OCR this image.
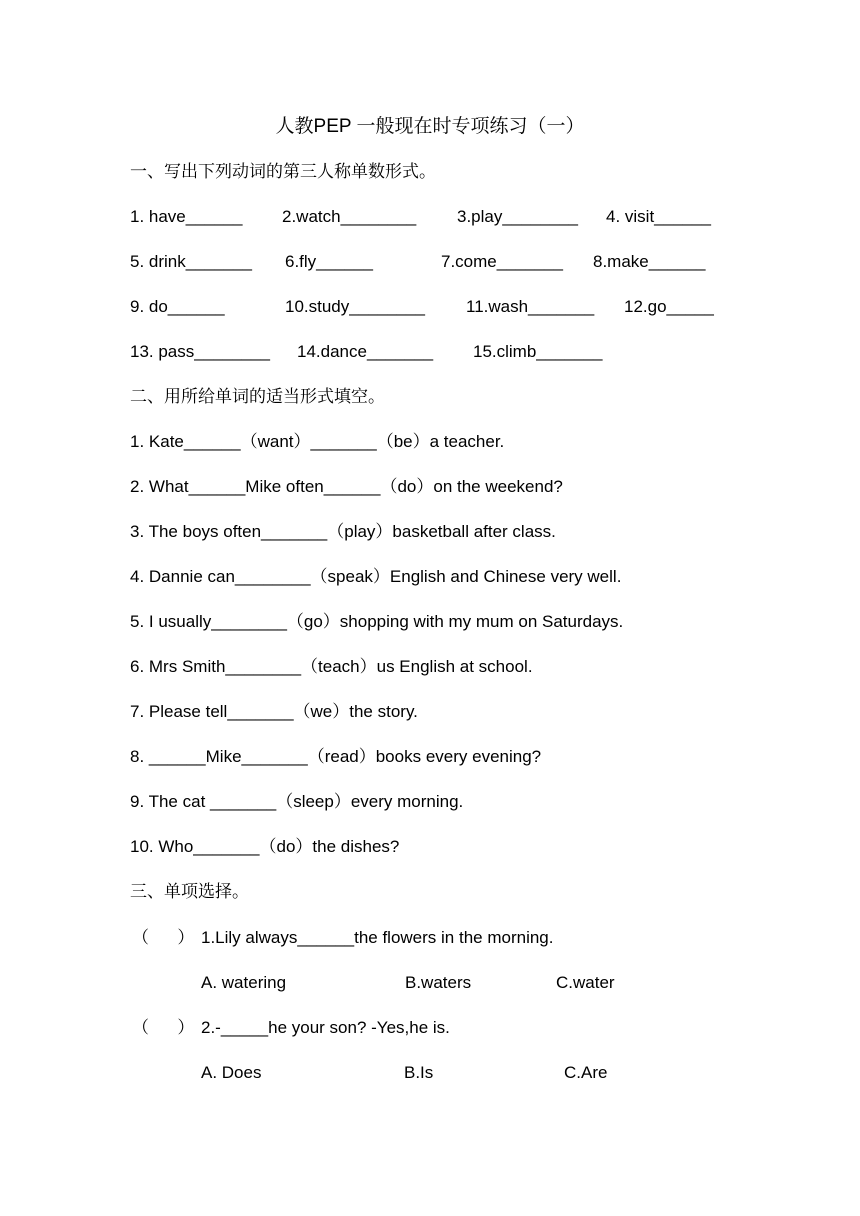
人教PEP 一般现在时专项练习（一）
一、写出下列动词的第三人称单数形式。
1. have______ 2.watch________ 3.play________ 4. visit______
5. drink_______ 6.fly______	7.come_______ 8.make______
9. do______	10.study________ 11.wash_______ 12.go_____
13. pass________ 14.dance_______ 15.climb_______
二、用所给单词的适当形式填空。
1. Kate______（want）_______（be）a teacher.
2. What______Mike often______（do）on the weekend?
3. The boys often_______（play）basketball after class.
4. Dannie can________（speak）English and Chinese very well.
5. I usually________（go）shopping with my mum on Saturdays.
6. Mrs Smith________（teach）us English at school.
7. Please tell_______（we）the story.
8. ______Mike_______（read）books every evening?
9. The cat _______（sleep）every morning.
10. Who_______（do）the dishes?
三、单项选择。
（      ） 1.Lily always______the flowers in the morning.
A. watering	B.waters	C.water
（      ） 2.-_____he your son? -Yes,he is.
A. Does	B.Is	C.Are
